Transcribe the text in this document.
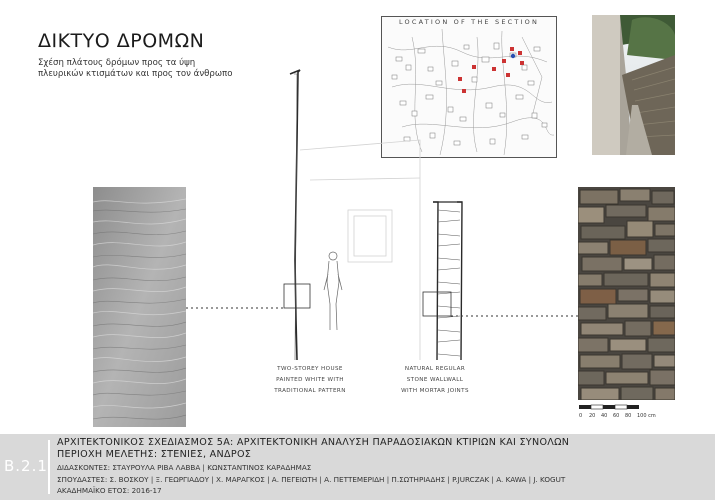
ΔΙΚΤΥΟ ΔΡΟΜΩΝ
Σχέση πλάτους δρόμων προς τα ύψη
πλευρικών κτισμάτων και προς τον άνθρωπο
LOCATION OF THE SECTION
TWO-STOREY HOUSE
PAINTED WHITE WITH
TRADITIONAL PATTERN
NATURAL REGULAR
STONE WALLWALL
WITH MORTAR JOINTS
0 20 40 60 80 100 cm
B.2.1
ΑΡΧΙΤΕΚΤΟΝΙΚΟΣ ΣΧΕΔΙΑΣΜΟΣ 5Α: ΑΡΧΙΤΕΚΤΟΝΙΚΗ ΑΝΑΛΥΣΗ ΠΑΡΑΔΟΣΙΑΚΩΝ ΚΤΙΡΙΩΝ ΚΑΙ ΣΥΝΟΛΩΝ
ΠΕΡΙΟΧΗ ΜΕΛΕΤΗΣ: ΣΤΕΝΙΕΣ, ΑΝΔΡΟΣ
ΔΙΔΑΣΚΟΝΤΕΣ: ΣΤΑΥΡΟΥΛΑ ΡΙΒΑ ΛΑΒΒΑ | ΚΩΝΣΤΑΝΤΙΝΟΣ ΚΑΡΑΔΗΜΑΣ
ΣΠΟΥΔΑΣΤΕΣ: Σ. ΒΟΣΚΟΥ | Ξ. ΓΕΩΡΓΙΑΔΟΥ | Χ. ΜΑΡΑΓΚΟΣ | Α. ΠΕΓΕΙΩΤΗ | Α. ΠΕΤΤΕΜΕΡΙΔΗ | Π.ΣΩΤΗΡΙΑΔΗΣ | P.JURCZAK | A. KAWA | J. KOGUT
ΑΚΑΔΗΜΑΪΚΟ ΕΤΟΣ: 2016-17
